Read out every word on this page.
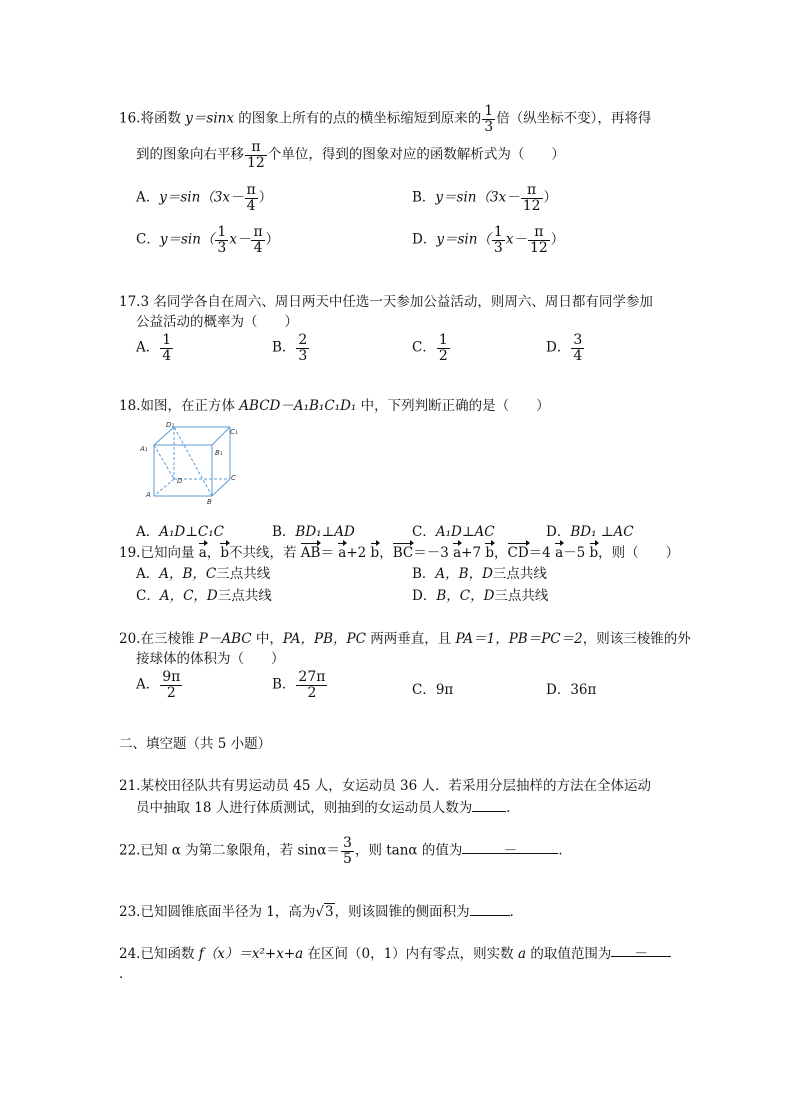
16.将函数 y＝sinx 的图象上所有的点的横坐标缩短到原来的 $\frac{1}{3}$ 倍（纵坐标不变），再将得
到的图象向右平移 $\frac{\pi}{12}$ 个单位，得到的图象对应的函数解析式为（　　）
A．$y=\sin(3x- \frac{\pi}{4}$ ）	B．$y=\sin(3x- \frac{\pi}{12}$ ）
C．$y=\sin( \frac{1}{3} x- \frac{\pi}{4}$ ）	D．$y=\sin( \frac{1}{3} x- \frac{\pi}{12}$ ）
17.3 名同学各自在周六、周日两天中任选一天参加公益活动，则周六、周日都有同学参加
公益活动的概率为（　　）
A． $\frac{1}{4}$	B． $\frac{2}{3}$	C． $\frac{1}{2}$	D． $\frac{3}{4}$
18.如图，在正方体 ABCD－A₁B₁C₁D₁ 中，下列判断正确的是（　　）
D₁
C₁
A₁	B₁
D	C
A
B
A．A₁D⊥C₁C	B．BD₁⊥AD	C．A₁D⊥AC	D．BD₁ ⊥AC
19.已知向量 a，b不共线，若 AB＝ a+2 b，BC＝－3 a+7 b，CD＝4 a－5 b，则（　　）
A．A，B，C三点共线	B．A，B，D三点共线
C．A，C，D三点共线	D．B，C，D三点共线
20.在三棱锥 P－ABC 中，PA，PB，PC 两两垂直，且 PA＝1，PB＝PC＝2，则该三棱锥的外
接球体的体积为（　　）
A． $\frac{9\pi}{2}$	B． $\frac{27\pi}{2}$	C．9π	D．36π
二、填空题（共 5 小题）
21.某校田径队共有男运动员 45 人，女运动员 36 人．若采用分层抽样的方法在全体运动
员中抽取 18 人进行体质测试，则抽到的女运动员人数为	．
22.已知 α 为第二象限角，若 $\sin\alpha= \frac{3}{5}$ ，则 tanα 的值为	－	．
23.已知圆锥底面半径为 1，高为√3，则该圆锥的侧面积为	．
24.已知函数 f（x）＝x²+x+a 在区间（0，1）内有零点，则实数 a 的取值范围为 －
．
